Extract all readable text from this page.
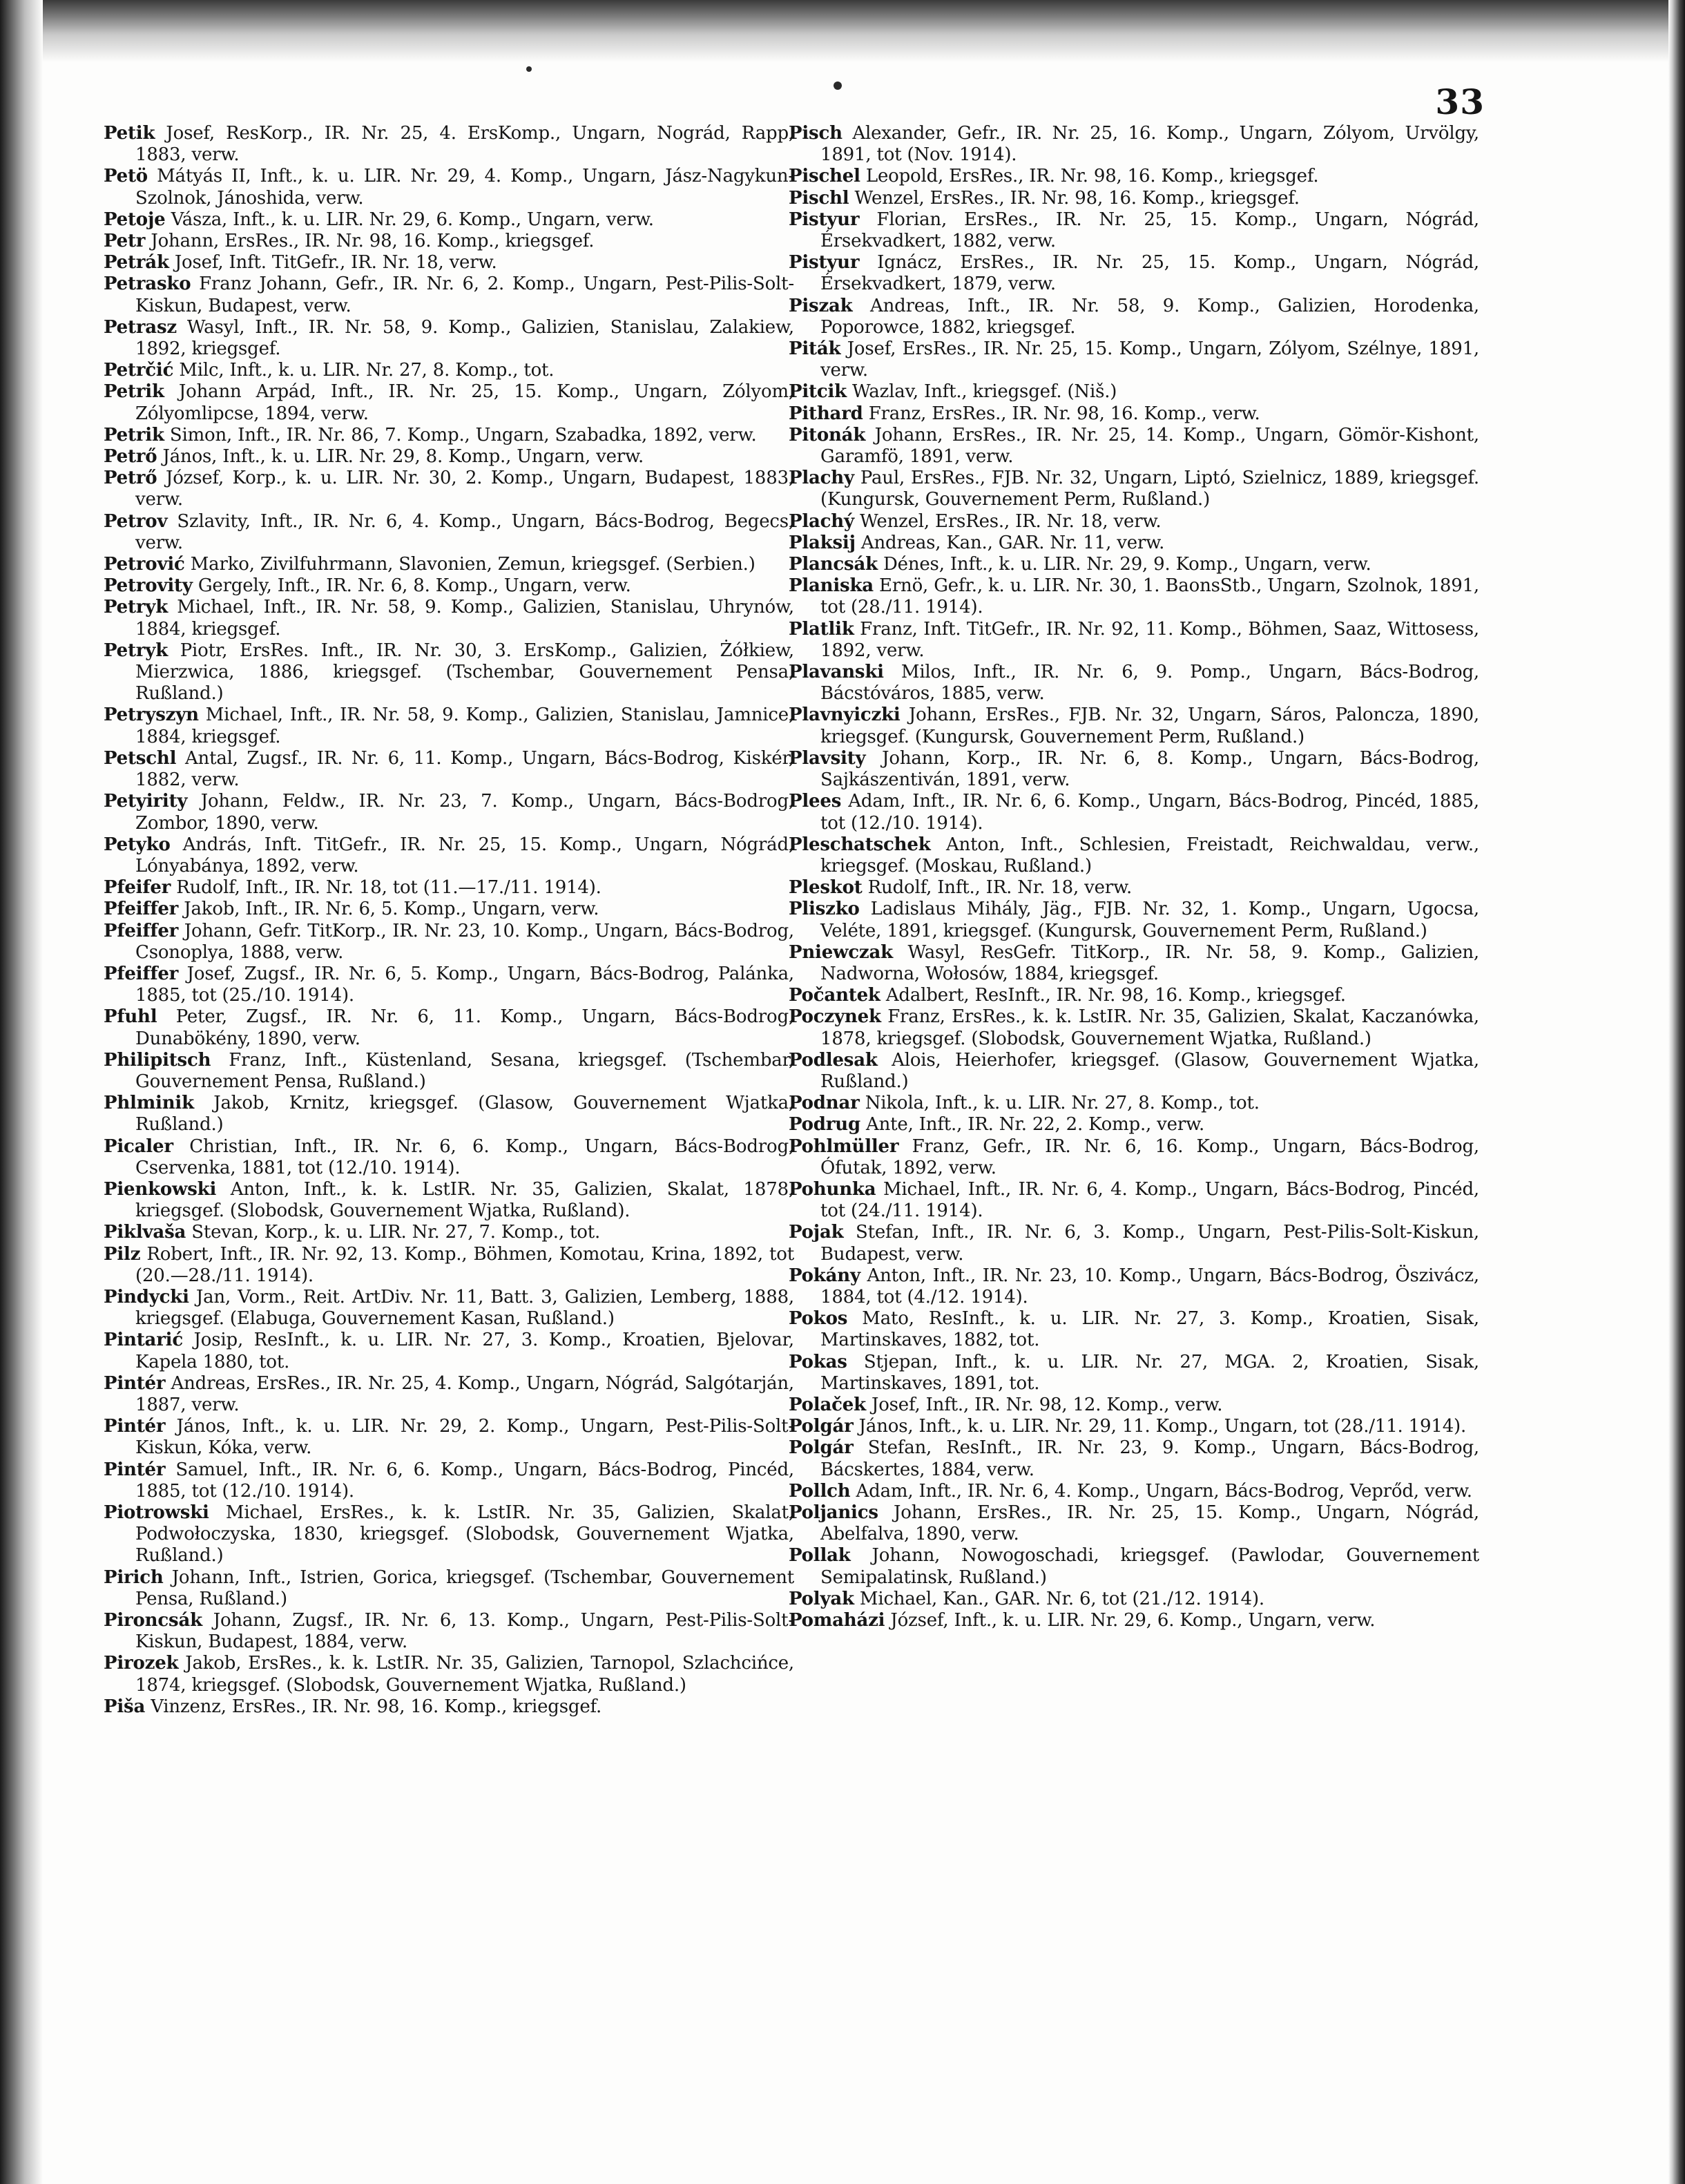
33
Petik Josef, ResKorp., IR. Nr. 25, 4. ErsKomp., Ungarn, Nográd, Rapp, 1883, verw.
Petö Mátyás II, Inft., k. u. LIR. Nr. 29, 4. Komp., Ungarn, Jász-Nagykun-Szolnok, Jánoshida, verw.
Petoje Vásza, Inft., k. u. LIR. Nr. 29, 6. Komp., Ungarn, verw.
Petr Johann, ErsRes., IR. Nr. 98, 16. Komp., kriegsgef.
Petrák Josef, Inft. TitGefr., IR. Nr. 18, verw.
Petrasko Franz Johann, Gefr., IR. Nr. 6, 2. Komp., Ungarn, Pest-Pilis-Solt-Kiskun, Budapest, verw.
Petrasz Wasyl, Inft., IR. Nr. 58, 9. Komp., Galizien, Stanislau, Zalakiew, 1892, kriegsgef.
Petrčić Milc, Inft., k. u. LIR. Nr. 27, 8. Komp., tot.
Petrik Johann Arpád, Inft., IR. Nr. 25, 15. Komp., Ungarn, Zólyom, Zólyomlipcse, 1894, verw.
Petrik Simon, Inft., IR. Nr. 86, 7. Komp., Ungarn, Szabadka, 1892, verw.
Petrő János, Inft., k. u. LIR. Nr. 29, 8. Komp., Ungarn, verw.
Petrő József, Korp., k. u. LIR. Nr. 30, 2. Komp., Ungarn, Budapest, 1883, verw.
Petrov Szlavity, Inft., IR. Nr. 6, 4. Komp., Ungarn, Bács-Bodrog, Begecs, verw.
Petrović Marko, Zivilfuhrmann, Slavonien, Zemun, kriegsgef. (Serbien.)
Petrovity Gergely, Inft., IR. Nr. 6, 8. Komp., Ungarn, verw.
Petryk Michael, Inft., IR. Nr. 58, 9. Komp., Galizien, Stanislau, Uhrynów, 1884, kriegsgef.
Petryk Piotr, ErsRes. Inft., IR. Nr. 30, 3. ErsKomp., Galizien, Żółkiew, Mierzwica, 1886, kriegsgef. (Tschembar, Gouvernement Pensa, Rußland.)
Petryszyn Michael, Inft., IR. Nr. 58, 9. Komp., Galizien, Stanislau, Jamnice, 1884, kriegsgef.
Petschl Antal, Zugsf., IR. Nr. 6, 11. Komp., Ungarn, Bács-Bodrog, Kiskér, 1882, verw.
Petyirity Johann, Feldw., IR. Nr. 23, 7. Komp., Ungarn, Bács-Bodrog, Zombor, 1890, verw.
Petyko András, Inft. TitGefr., IR. Nr. 25, 15. Komp., Ungarn, Nógrád, Lónyabánya, 1892, verw.
Pfeifer Rudolf, Inft., IR. Nr. 18, tot (11.—17./11. 1914).
Pfeiffer Jakob, Inft., IR. Nr. 6, 5. Komp., Ungarn, verw.
Pfeiffer Johann, Gefr. TitKorp., IR. Nr. 23, 10. Komp., Ungarn, Bács-Bodrog, Csonoplya, 1888, verw.
Pfeiffer Josef, Zugsf., IR. Nr. 6, 5. Komp., Ungarn, Bács-Bodrog, Palánka, 1885, tot (25./10. 1914).
Pfuhl Peter, Zugsf., IR. Nr. 6, 11. Komp., Ungarn, Bács-Bodrog, Dunabökény, 1890, verw.
Philipitsch Franz, Inft., Küstenland, Sesana, kriegsgef. (Tschembar, Gouvernement Pensa, Rußland.)
Phlminik Jakob, Krnitz, kriegsgef. (Glasow, Gouvernement Wjatka, Rußland.)
Picaler Christian, Inft., IR. Nr. 6, 6. Komp., Ungarn, Bács-Bodrog, Cservenka, 1881, tot (12./10. 1914).
Pienkowski Anton, Inft., k. k. LstIR. Nr. 35, Galizien, Skalat, 1878, kriegsgef. (Slobodsk, Gouvernement Wjatka, Rußland).
Piklvaša Stevan, Korp., k. u. LIR. Nr. 27, 7. Komp., tot.
Pilz Robert, Inft., IR. Nr. 92, 13. Komp., Böhmen, Komotau, Krina, 1892, tot (20.—28./11. 1914).
Pindycki Jan, Vorm., Reit. ArtDiv. Nr. 11, Batt. 3, Galizien, Lemberg, 1888, kriegsgef. (Elabuga, Gouvernement Kasan, Rußland.)
Pintarić Josip, ResInft., k. u. LIR. Nr. 27, 3. Komp., Kroatien, Bjelovar, Kapela 1880, tot.
Pintér Andreas, ErsRes., IR. Nr. 25, 4. Komp., Ungarn, Nógrád, Salgótarján, 1887, verw.
Pintér János, Inft., k. u. LIR. Nr. 29, 2. Komp., Ungarn, Pest-Pilis-Solt-Kiskun, Kóka, verw.
Pintér Samuel, Inft., IR. Nr. 6, 6. Komp., Ungarn, Bács-Bodrog, Pincéd, 1885, tot (12./10. 1914).
Piotrowski Michael, ErsRes., k. k. LstIR. Nr. 35, Galizien, Skalat, Podwołoczyska, 1830, kriegsgef. (Slobodsk, Gouvernement Wjatka, Rußland.)
Pirich Johann, Inft., Istrien, Gorica, kriegsgef. (Tschembar, Gouvernement Pensa, Rußland.)
Pironcsák Johann, Zugsf., IR. Nr. 6, 13. Komp., Ungarn, Pest-Pilis-Solt-Kiskun, Budapest, 1884, verw.
Pirozek Jakob, ErsRes., k. k. LstIR. Nr. 35, Galizien, Tarnopol, Szlachcińce, 1874, kriegsgef. (Slobodsk, Gouvernement Wjatka, Rußland.)
Piša Vinzenz, ErsRes., IR. Nr. 98, 16. Komp., kriegsgef.
Pisch Alexander, Gefr., IR. Nr. 25, 16. Komp., Ungarn, Zólyom, Urvölgy, 1891, tot (Nov. 1914).
Pischel Leopold, ErsRes., IR. Nr. 98, 16. Komp., kriegsgef.
Pischl Wenzel, ErsRes., IR. Nr. 98, 16. Komp., kriegsgef.
Pistyur Florian, ErsRes., IR. Nr. 25, 15. Komp., Ungarn, Nógrád, Érsekvadkert, 1882, verw.
Pistyur Ignácz, ErsRes., IR. Nr. 25, 15. Komp., Ungarn, Nógrád, Érsekvadkert, 1879, verw.
Piszak Andreas, Inft., IR. Nr. 58, 9. Komp., Galizien, Horodenka, Poporowce, 1882, kriegsgef.
Piták Josef, ErsRes., IR. Nr. 25, 15. Komp., Ungarn, Zólyom, Szélnye, 1891, verw.
Pitcik Wazlav, Inft., kriegsgef. (Niš.)
Pithard Franz, ErsRes., IR. Nr. 98, 16. Komp., verw.
Pitonák Johann, ErsRes., IR. Nr. 25, 14. Komp., Ungarn, Gömör-Kishont, Garamfö, 1891, verw.
Plachy Paul, ErsRes., FJB. Nr. 32, Ungarn, Liptó, Szielnicz, 1889, kriegsgef. (Kungursk, Gouvernement Perm, Rußland.)
Plachý Wenzel, ErsRes., IR. Nr. 18, verw.
Plaksij Andreas, Kan., GAR. Nr. 11, verw.
Plancsák Dénes, Inft., k. u. LIR. Nr. 29, 9. Komp., Ungarn, verw.
Planiska Ernö, Gefr., k. u. LIR. Nr. 30, 1. BaonsStb., Ungarn, Szolnok, 1891, tot (28./11. 1914).
Platlik Franz, Inft. TitGefr., IR. Nr. 92, 11. Komp., Böhmen, Saaz, Wittosess, 1892, verw.
Plavanski Milos, Inft., IR. Nr. 6, 9. Pomp., Ungarn, Bács-Bodrog, Bácstóváros, 1885, verw.
Plavnyiczki Johann, ErsRes., FJB. Nr. 32, Ungarn, Sáros, Paloncza, 1890, kriegsgef. (Kungursk, Gouvernement Perm, Rußland.)
Plavsity Johann, Korp., IR. Nr. 6, 8. Komp., Ungarn, Bács-Bodrog, Sajkászentiván, 1891, verw.
Plees Adam, Inft., IR. Nr. 6, 6. Komp., Ungarn, Bács-Bodrog, Pincéd, 1885, tot (12./10. 1914).
Pleschatschek Anton, Inft., Schlesien, Freistadt, Reichwaldau, verw., kriegsgef. (Moskau, Rußland.)
Pleskot Rudolf, Inft., IR. Nr. 18, verw.
Pliszko Ladislaus Mihály, Jäg., FJB. Nr. 32, 1. Komp., Ungarn, Ugocsa, Veléte, 1891, kriegsgef. (Kungursk, Gouvernement Perm, Rußland.)
Pniewczak Wasyl, ResGefr. TitKorp., IR. Nr. 58, 9. Komp., Galizien, Nadworna, Wołosów, 1884, kriegsgef.
Počantek Adalbert, ResInft., IR. Nr. 98, 16. Komp., kriegsgef.
Poczynek Franz, ErsRes., k. k. LstIR. Nr. 35, Galizien, Skalat, Kaczanówka, 1878, kriegsgef. (Slobodsk, Gouvernement Wjatka, Rußland.)
Podlesak Alois, Heierhofer, kriegsgef. (Glasow, Gouvernement Wjatka, Rußland.)
Podnar Nikola, Inft., k. u. LIR. Nr. 27, 8. Komp., tot.
Podrug Ante, Inft., IR. Nr. 22, 2. Komp., verw.
Pohlmüller Franz, Gefr., IR. Nr. 6, 16. Komp., Ungarn, Bács-Bodrog, Ófutak, 1892, verw.
Pohunka Michael, Inft., IR. Nr. 6, 4. Komp., Ungarn, Bács-Bodrog, Pincéd, tot (24./11. 1914).
Pojak Stefan, Inft., IR. Nr. 6, 3. Komp., Ungarn, Pest-Pilis-Solt-Kiskun, Budapest, verw.
Pokány Anton, Inft., IR. Nr. 23, 10. Komp., Ungarn, Bács-Bodrog, Öszivácz, 1884, tot (4./12. 1914).
Pokos Mato, ResInft., k. u. LIR. Nr. 27, 3. Komp., Kroatien, Sisak, Martinskaves, 1882, tot.
Pokas Stjepan, Inft., k. u. LIR. Nr. 27, MGA. 2, Kroatien, Sisak, Martinskaves, 1891, tot.
Polaček Josef, Inft., IR. Nr. 98, 12. Komp., verw.
Polgár János, Inft., k. u. LIR. Nr. 29, 11. Komp., Ungarn, tot (28./11. 1914).
Polgár Stefan, ResInft., IR. Nr. 23, 9. Komp., Ungarn, Bács-Bodrog, Bácskertes, 1884, verw.
Pollch Adam, Inft., IR. Nr. 6, 4. Komp., Ungarn, Bács-Bodrog, Veprőd, verw.
Poljanics Johann, ErsRes., IR. Nr. 25, 15. Komp., Ungarn, Nógrád, Abelfalva, 1890, verw.
Pollak Johann, Nowogoschadi, kriegsgef. (Pawlodar, Gouvernement Semipalatinsk, Rußland.)
Polyak Michael, Kan., GAR. Nr. 6, tot (21./12. 1914).
Pomaházi József, Inft., k. u. LIR. Nr. 29, 6. Komp., Ungarn, verw.
